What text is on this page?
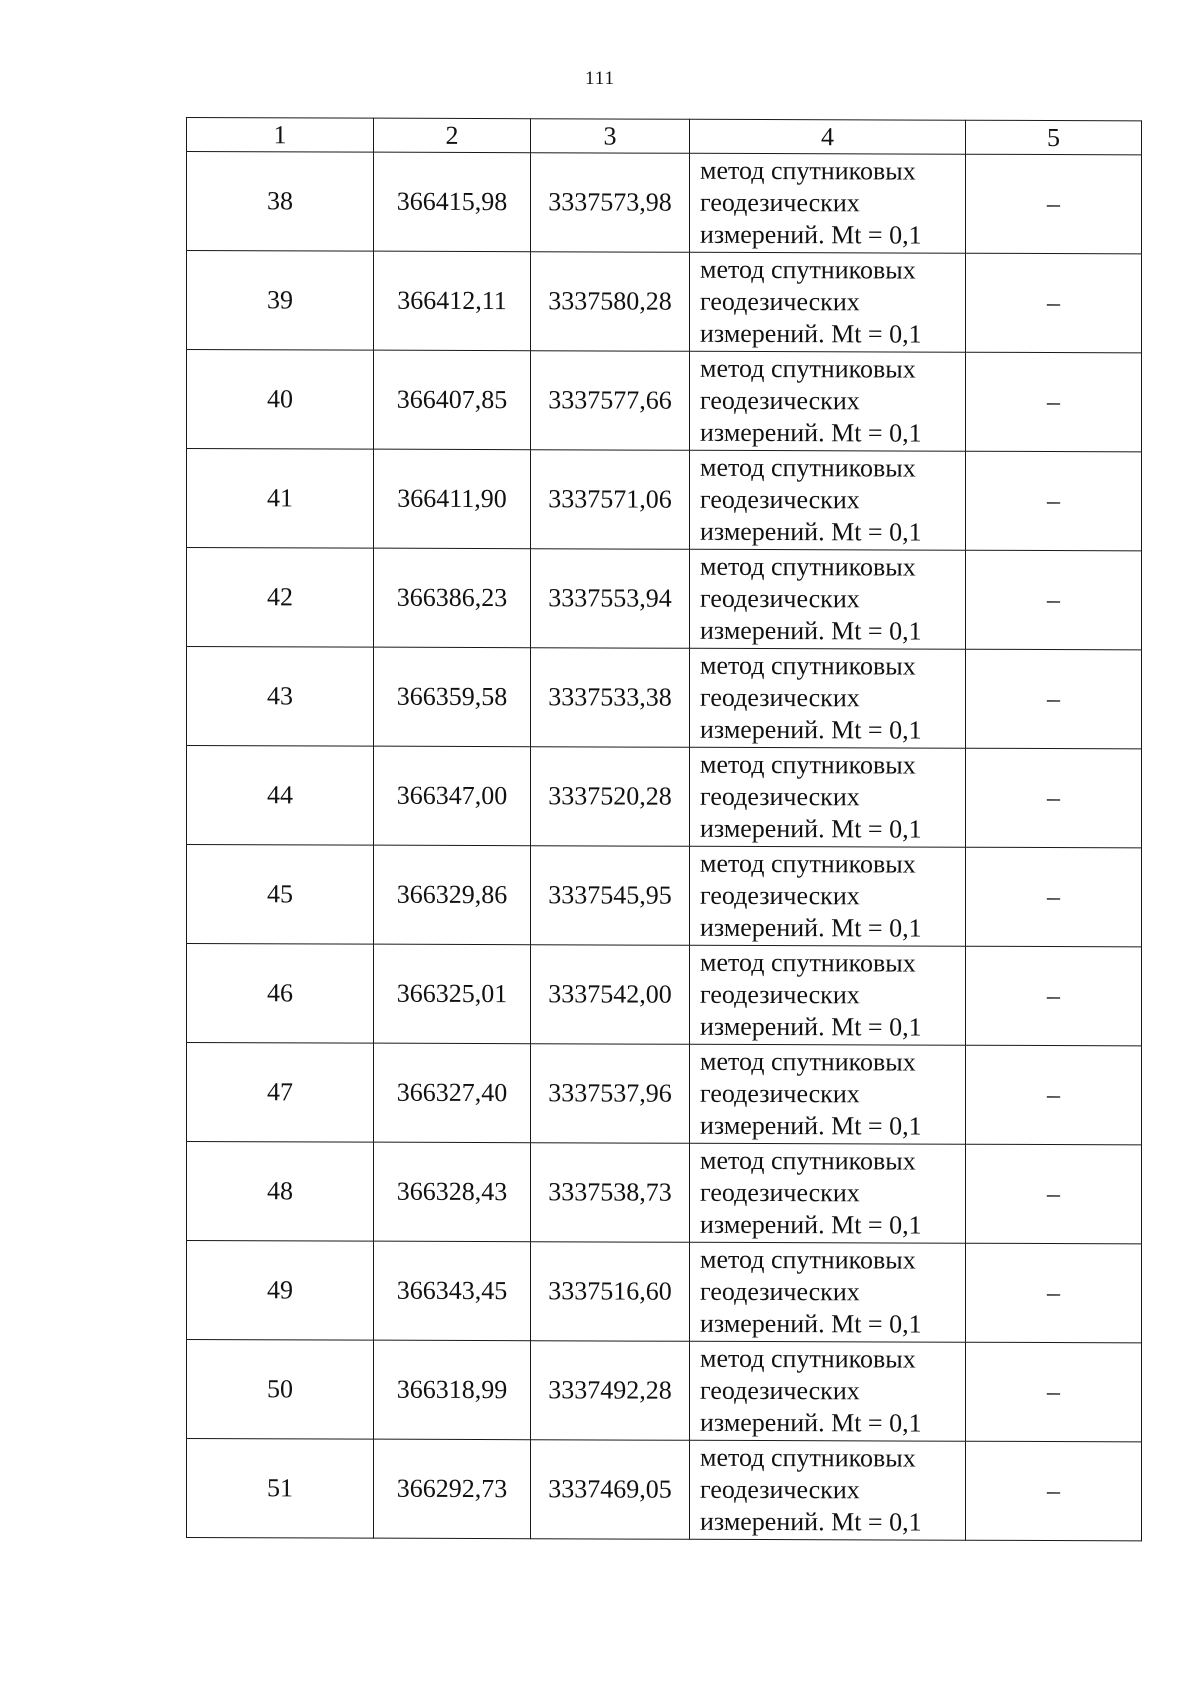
111
1	2	3	4	5
38	366415,98	3337573,98	метод спутниковых
геодезических
измерений. Mt = 0,1	–
39	366412,11	3337580,28	метод спутниковых
геодезических
измерений. Mt = 0,1	–
40	366407,85	3337577,66	метод спутниковых
геодезических
измерений. Mt = 0,1	–
41	366411,90	3337571,06	метод спутниковых
геодезических
измерений. Mt = 0,1	–
42	366386,23	3337553,94	метод спутниковых
геодезических
измерений. Mt = 0,1	–
43	366359,58	3337533,38	метод спутниковых
геодезических
измерений. Mt = 0,1	–
44	366347,00	3337520,28	метод спутниковых
геодезических
измерений. Mt = 0,1	–
45	366329,86	3337545,95	метод спутниковых
геодезических
измерений. Mt = 0,1	–
46	366325,01	3337542,00	метод спутниковых
геодезических
измерений. Mt = 0,1	–
47	366327,40	3337537,96	метод спутниковых
геодезических
измерений. Mt = 0,1	–
48	366328,43	3337538,73	метод спутниковых
геодезических
измерений. Mt = 0,1	–
49	366343,45	3337516,60	метод спутниковых
геодезических
измерений. Mt = 0,1	–
50	366318,99	3337492,28	метод спутниковых
геодезических
измерений. Mt = 0,1	–
51	366292,73	3337469,05	метод спутниковых
геодезических
измерений. Mt = 0,1	–
